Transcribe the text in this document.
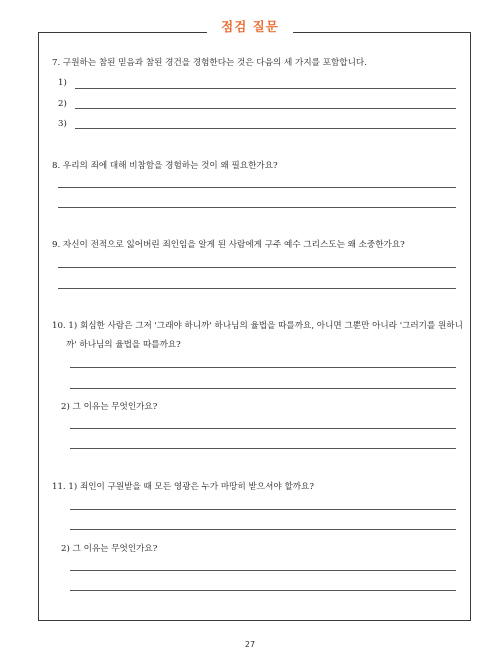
점검 질문
7. 구원하는 참된 믿음과 참된 경건을 경험한다는 것은 다음의 세 가지를 포함합니다.
1)
2)
3)
8. 우리의 죄에 대해 비참함을 경험하는 것이 왜 필요한가요?
9. 자신이 전적으로 잃어버린 죄인임을 알게 된 사람에게 구주 예수 그리스도는 왜 소중한가요?
10. 1) 회심한 사람은 그저 '그래야 하니까' 하나님의 율법을 따를까요, 아니면 그뿐만 아니라 '그러기를 원하니
까' 하나님의 율법을 따를까요?
2) 그 이유는 무엇인가요?
11. 1) 죄인이 구원받을 때 모든 영광은 누가 마땅히 받으셔야 할까요?
2) 그 이유는 무엇인가요?
27
